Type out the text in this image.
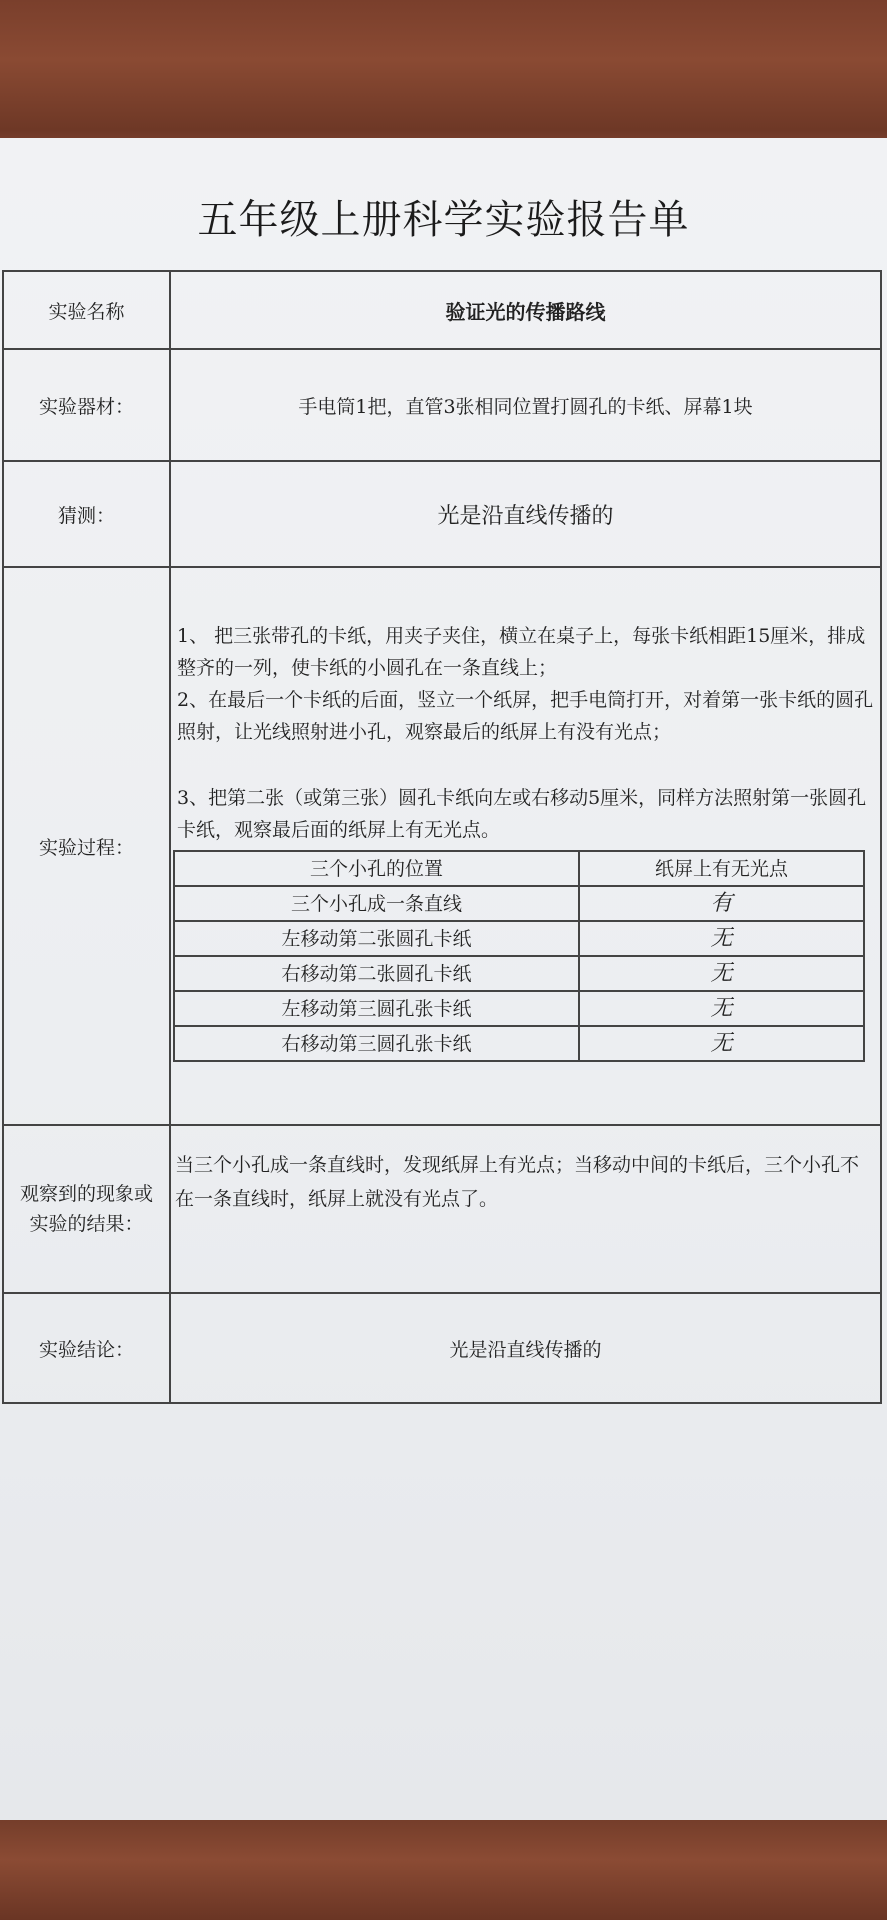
五年级上册科学实验报告单
实验名称	验证光的传播路线
实验器材：	手电筒1把，直管3张相同位置打圆孔的卡纸、屏幕1块
猜测：	光是沿直线传播的
实验过程：	

1、 把三张带孔的卡纸，用夹子夹住，横立在桌子上，每张卡纸相距15厘米，排成整齐的一列，使卡纸的小圆孔在一条直线上；

2、在最后一个卡纸的后面，竖立一个纸屏，把手电筒打开，对着第一张卡纸的圆孔照射，让光线照射进小孔，观察最后的纸屏上有没有光点；

3、把第二张（或第三张）圆孔卡纸向左或右移动5厘米，同样方法照射第一张圆孔卡纸，观察最后面的纸屏上有无光点。

三个小孔的位置	纸屏上有无光点
三个小孔成一条直线	有
左移动第二张圆孔卡纸	无
右移动第二张圆孔卡纸	无
左移动第三圆孔张卡纸	无
右移动第三圆孔张卡纸	无

观察到的现象或
实验的结果：	当三个小孔成一条直线时，发现纸屏上有光点；当移动中间的卡纸后，三个小孔不在一条直线时，纸屏上就没有光点了。
实验结论：	光是沿直线传播的
